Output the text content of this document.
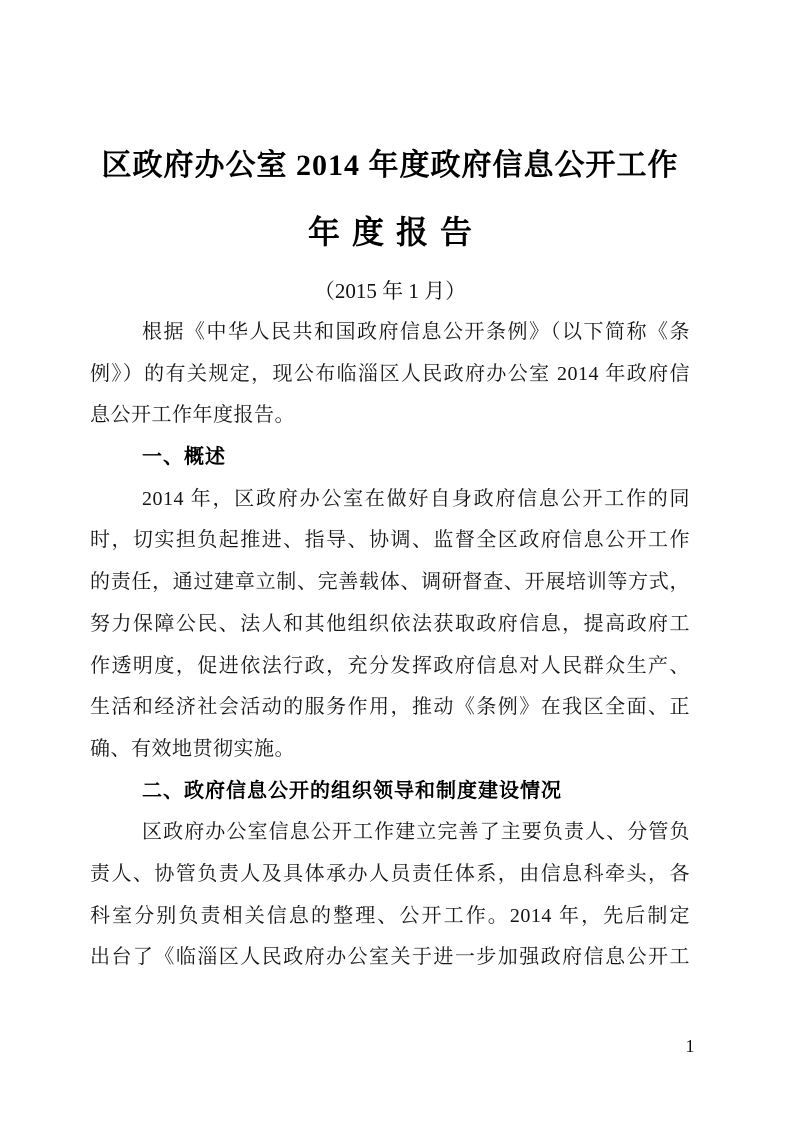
区政府办公室 2014 年度政府信息公开工作
年 度 报 告
（2015 年 1 月）
根据《中华人民共和国政府信息公开条例》（以下简称《条
例》）的有关规定，现公布临淄区人民政府办公室 2014 年政府信
息公开工作年度报告。
一、概述
2014 年，区政府办公室在做好自身政府信息公开工作的同
时，切实担负起推进、指导、协调、监督全区政府信息公开工作
的责任，通过建章立制、完善载体、调研督查、开展培训等方式，
努力保障公民、法人和其他组织依法获取政府信息，提高政府工
作透明度，促进依法行政，充分发挥政府信息对人民群众生产、
生活和经济社会活动的服务作用，推动《条例》在我区全面、正
确、有效地贯彻实施。
二、政府信息公开的组织领导和制度建设情况
区政府办公室信息公开工作建立完善了主要负责人、分管负
责人、协管负责人及具体承办人员责任体系，由信息科牵头，各
科室分别负责相关信息的整理、公开工作。2014 年，先后制定
出台了《临淄区人民政府办公室关于进一步加强政府信息公开工
1
